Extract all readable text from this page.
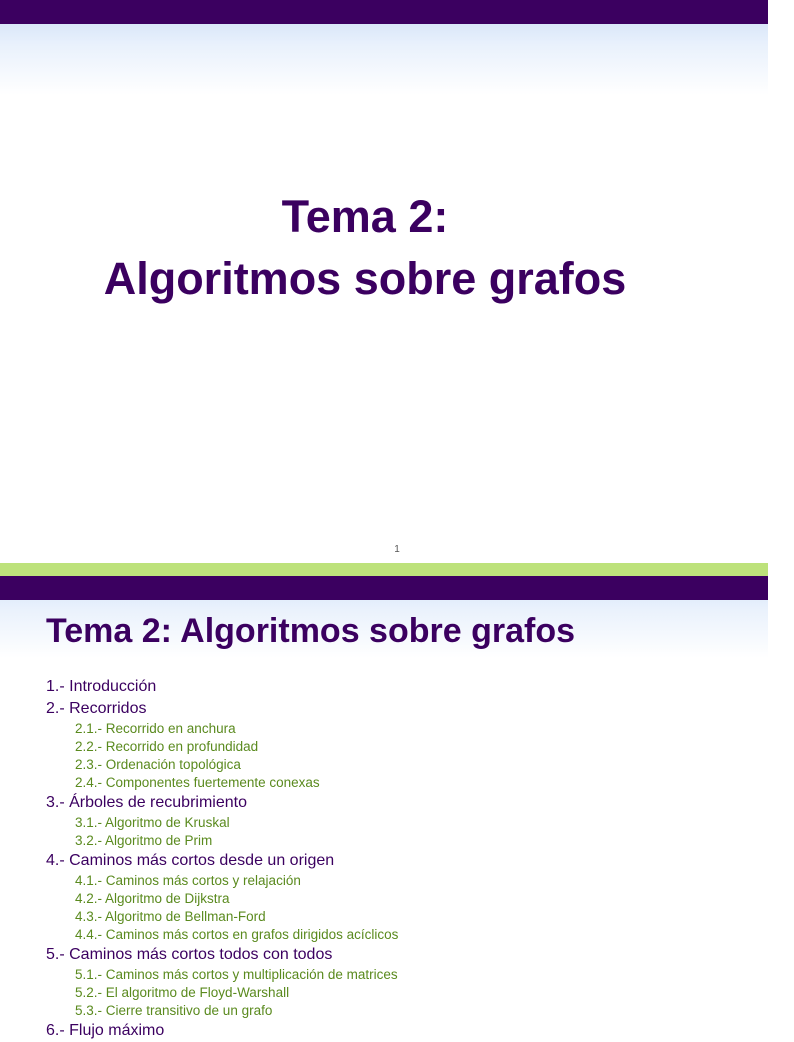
Tema 2:
Algoritmos sobre grafos
1
Tema 2: Algoritmos sobre grafos
1.- Introducción
2.- Recorridos
2.1.- Recorrido en anchura
2.2.- Recorrido en profundidad
2.3.- Ordenación topológica
2.4.- Componentes fuertemente conexas
3.- Árboles de recubrimiento
3.1.- Algoritmo de Kruskal
3.2.- Algoritmo de Prim
4.- Caminos más cortos desde un origen
4.1.- Caminos más cortos y relajación
4.2.- Algoritmo de Dijkstra
4.3.- Algoritmo de Bellman-Ford
4.4.- Caminos más cortos en grafos dirigidos acíclicos
5.- Caminos más cortos todos con todos
5.1.- Caminos más cortos y multiplicación de matrices
5.2.- El algoritmo de Floyd-Warshall
5.3.- Cierre transitivo de un grafo
6.- Flujo máximo
